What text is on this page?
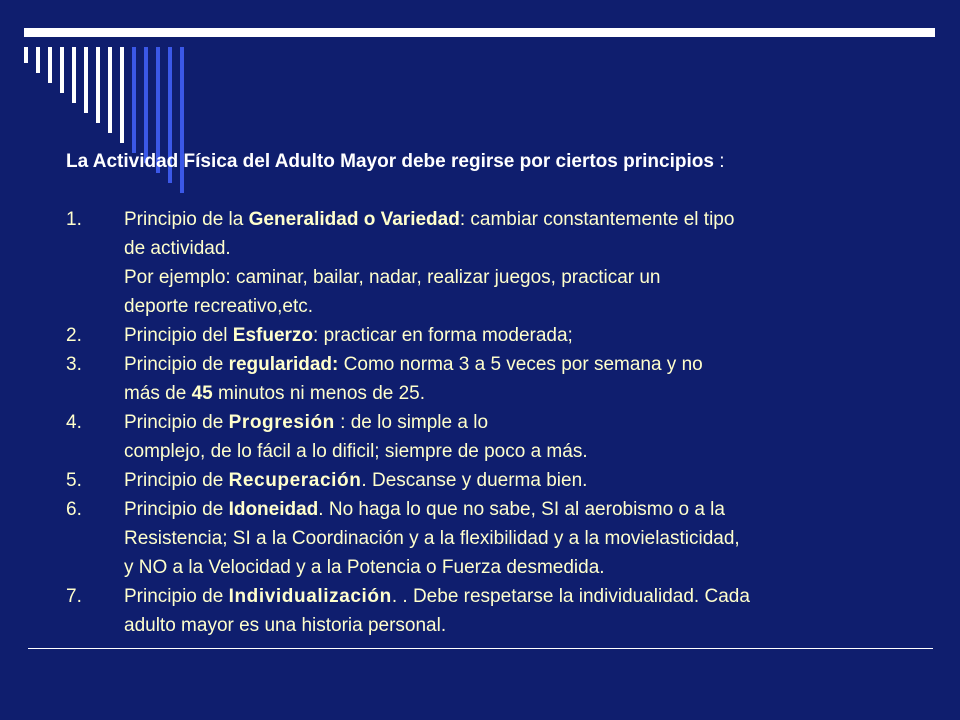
La Actividad Física del Adulto Mayor debe regirse por ciertos principios :
1. Principio de la Generalidad o Variedad: cambiar constantemente el tipo
de actividad.
Por ejemplo: caminar, bailar, nadar, realizar juegos, practicar un
deporte recreativo,etc.
2. Principio del Esfuerzo: practicar en forma moderada;
3. Principio de regularidad: Como norma 3 a 5 veces por semana y no
más de 45 minutos ni menos de 25.
4. Principio de Progresión : de lo simple a lo
complejo, de lo fácil a lo dificil; siempre de poco a más.
5. Principio de Recuperación. Descanse y duerma bien.
6. Principio de Idoneidad. No haga lo que no sabe, SI al aerobismo o a la
Resistencia; SI a la Coordinación y a la flexibilidad y a la movielasticidad,
y NO a la Velocidad y a la Potencia o Fuerza desmedida.
7. Principio de Individualización. . Debe respetarse la individualidad. Cada
adulto mayor es una historia personal.
